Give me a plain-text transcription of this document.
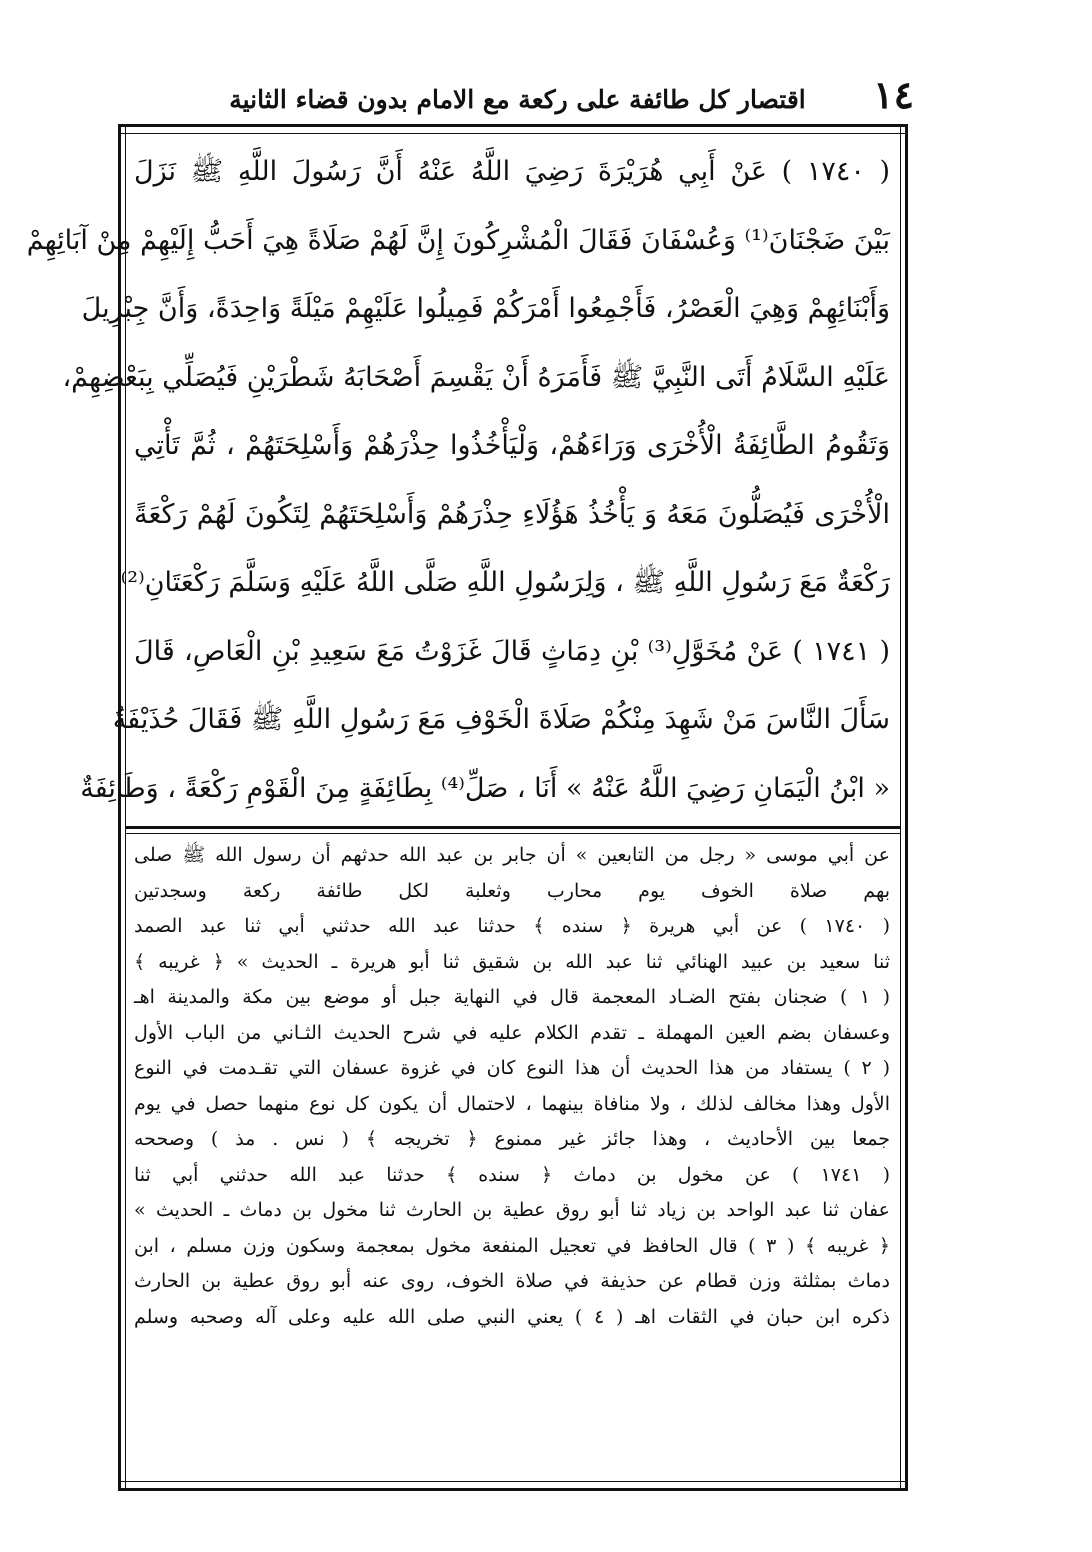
١٤
اقتصار كل طائفة على ركعة مع الامام بدون قضاء الثانية
( ١٧٤٠ ) عَنْ أَبِي هُرَيْرَةَ رَضِيَ اللَّهُ عَنْهُ أَنَّ رَسُولَ اللَّهِ ﷺ نَزَلَ
بَيْنَ ضَجْنَانَ⁽¹⁾ وَعُسْفَانَ فَقَالَ الْمُشْرِكُونَ إِنَّ لَهُمْ صَلَاةً هِيَ أَحَبُّ إِلَيْهِمْ مِنْ آبَائِهِمْ
وَأَبْنَائِهِمْ وَهِيَ الْعَصْرُ، فَأَجْمِعُوا أَمْرَكُمْ فَمِيلُوا عَلَيْهِمْ مَيْلَةً وَاحِدَةً، وَأَنَّ جِبْرِيلَ
عَلَيْهِ السَّلَامُ أَتَى النَّبِيَّ ﷺ فَأَمَرَهُ أَنْ يَقْسِمَ أَصْحَابَهُ شَطْرَيْنِ فَيُصَلِّي بِبَعْضِهِمْ،
وَتَقُومُ الطَّائِفَةُ الْأُخْرَى وَرَاءَهُمْ، وَلْيَأْخُذُوا حِذْرَهُمْ وَأَسْلِحَتَهُمْ ، ثُمَّ تَأْتِي
الْأُخْرَى فَيُصَلُّونَ مَعَهُ وَ يَأْخُذُ هَؤُلَاءِ حِذْرَهُمْ وَأَسْلِحَتَهُمْ لِتَكُونَ لَهُمْ رَكْعَةً
رَكْعَةٌ مَعَ رَسُولِ اللَّهِ ﷺ ، وَلِرَسُولِ اللَّهِ صَلَّى اللَّهُ عَلَيْهِ وَسَلَّمَ رَكْعَتَانِ⁽²⁾
( ١٧٤١ ) عَنْ مُخَوَّلِ⁽³⁾ بْنِ دِمَاثٍ قَالَ غَزَوْتُ مَعَ سَعِيدِ بْنِ الْعَاصِ، قَالَ
سَأَلَ النَّاسَ مَنْ شَهِدَ مِنْكُمْ صَلَاةَ الْخَوْفِ مَعَ رَسُولِ اللَّهِ ﷺ فَقَالَ حُذَيْفَةُ
« ابْنُ الْيَمَانِ رَضِيَ اللَّهُ عَنْهُ » أَنَا ، صَلِّ⁽⁴⁾ بِطَائِفَةٍ مِنَ الْقَوْمِ رَكْعَةً ، وَطَائِفَةٌ
عن أبي موسى « رجل من التابعين » أن جابر بن عبد الله حدثهم أن رسول الله ﷺ صلى
بهم صلاة الخوف يوم محارب وثعلبة لكل طائفة ركعة وسجدتين
( ١٧٤٠ ) عن أبي هريرة ﴿ سنده ﴾ حدثنا عبد الله حدثني أبي ثنا عبد الصمد
ثنا سعيد بن عبيد الهنائي ثنا عبد الله بن شقيق ثنا أبو هريرة ـ الحديث » ﴿ غريبه ﴾
( ١ ) ضجنان بفتح الضـاد المعجمة قال في النهاية جبل أو موضع بين مكة والمدينة اهـ
وعسفان بضم العين المهملة ـ تقدم الكلام عليه في شرح الحديث الثـاني من الباب الأول
( ٢ ) يستفاد من هذا الحديث أن هذا النوع كان في غزوة عسفان التي تقـدمت في النوع
الأول وهذا مخالف لذلك ، ولا منافاة بينهما ، لاحتمال أن يكون كل نوع منهما حصل في يوم
جمعا بين الأحاديث ، وهذا جائز غير ممنوع ﴿ تخريجه ﴾ ( نس . مذ ) وصححه
( ١٧٤١ ) عن مخول بن دماث ﴿ سنده ﴾ حدثنا عبد الله حدثني أبي ثنا
عفان ثنا عبد الواحد بن زياد ثنا أبو روق عطية بن الحارث ثنا مخول بن دماث ـ الحديث »
﴿ غريبه ﴾ ( ٣ ) قال الحافظ في تعجيل المنفعة مخول بمعجمة وسكون وزن مسلم ، ابن
دماث بمثلثة وزن قطام عن حذيفة في صلاة الخوف، روى عنه أبو روق عطية بن الحارث
ذكره ابن حبان في الثقات اهـ ( ٤ ) يعني النبي صلى الله عليه وعلى آله وصحبه وسلم
